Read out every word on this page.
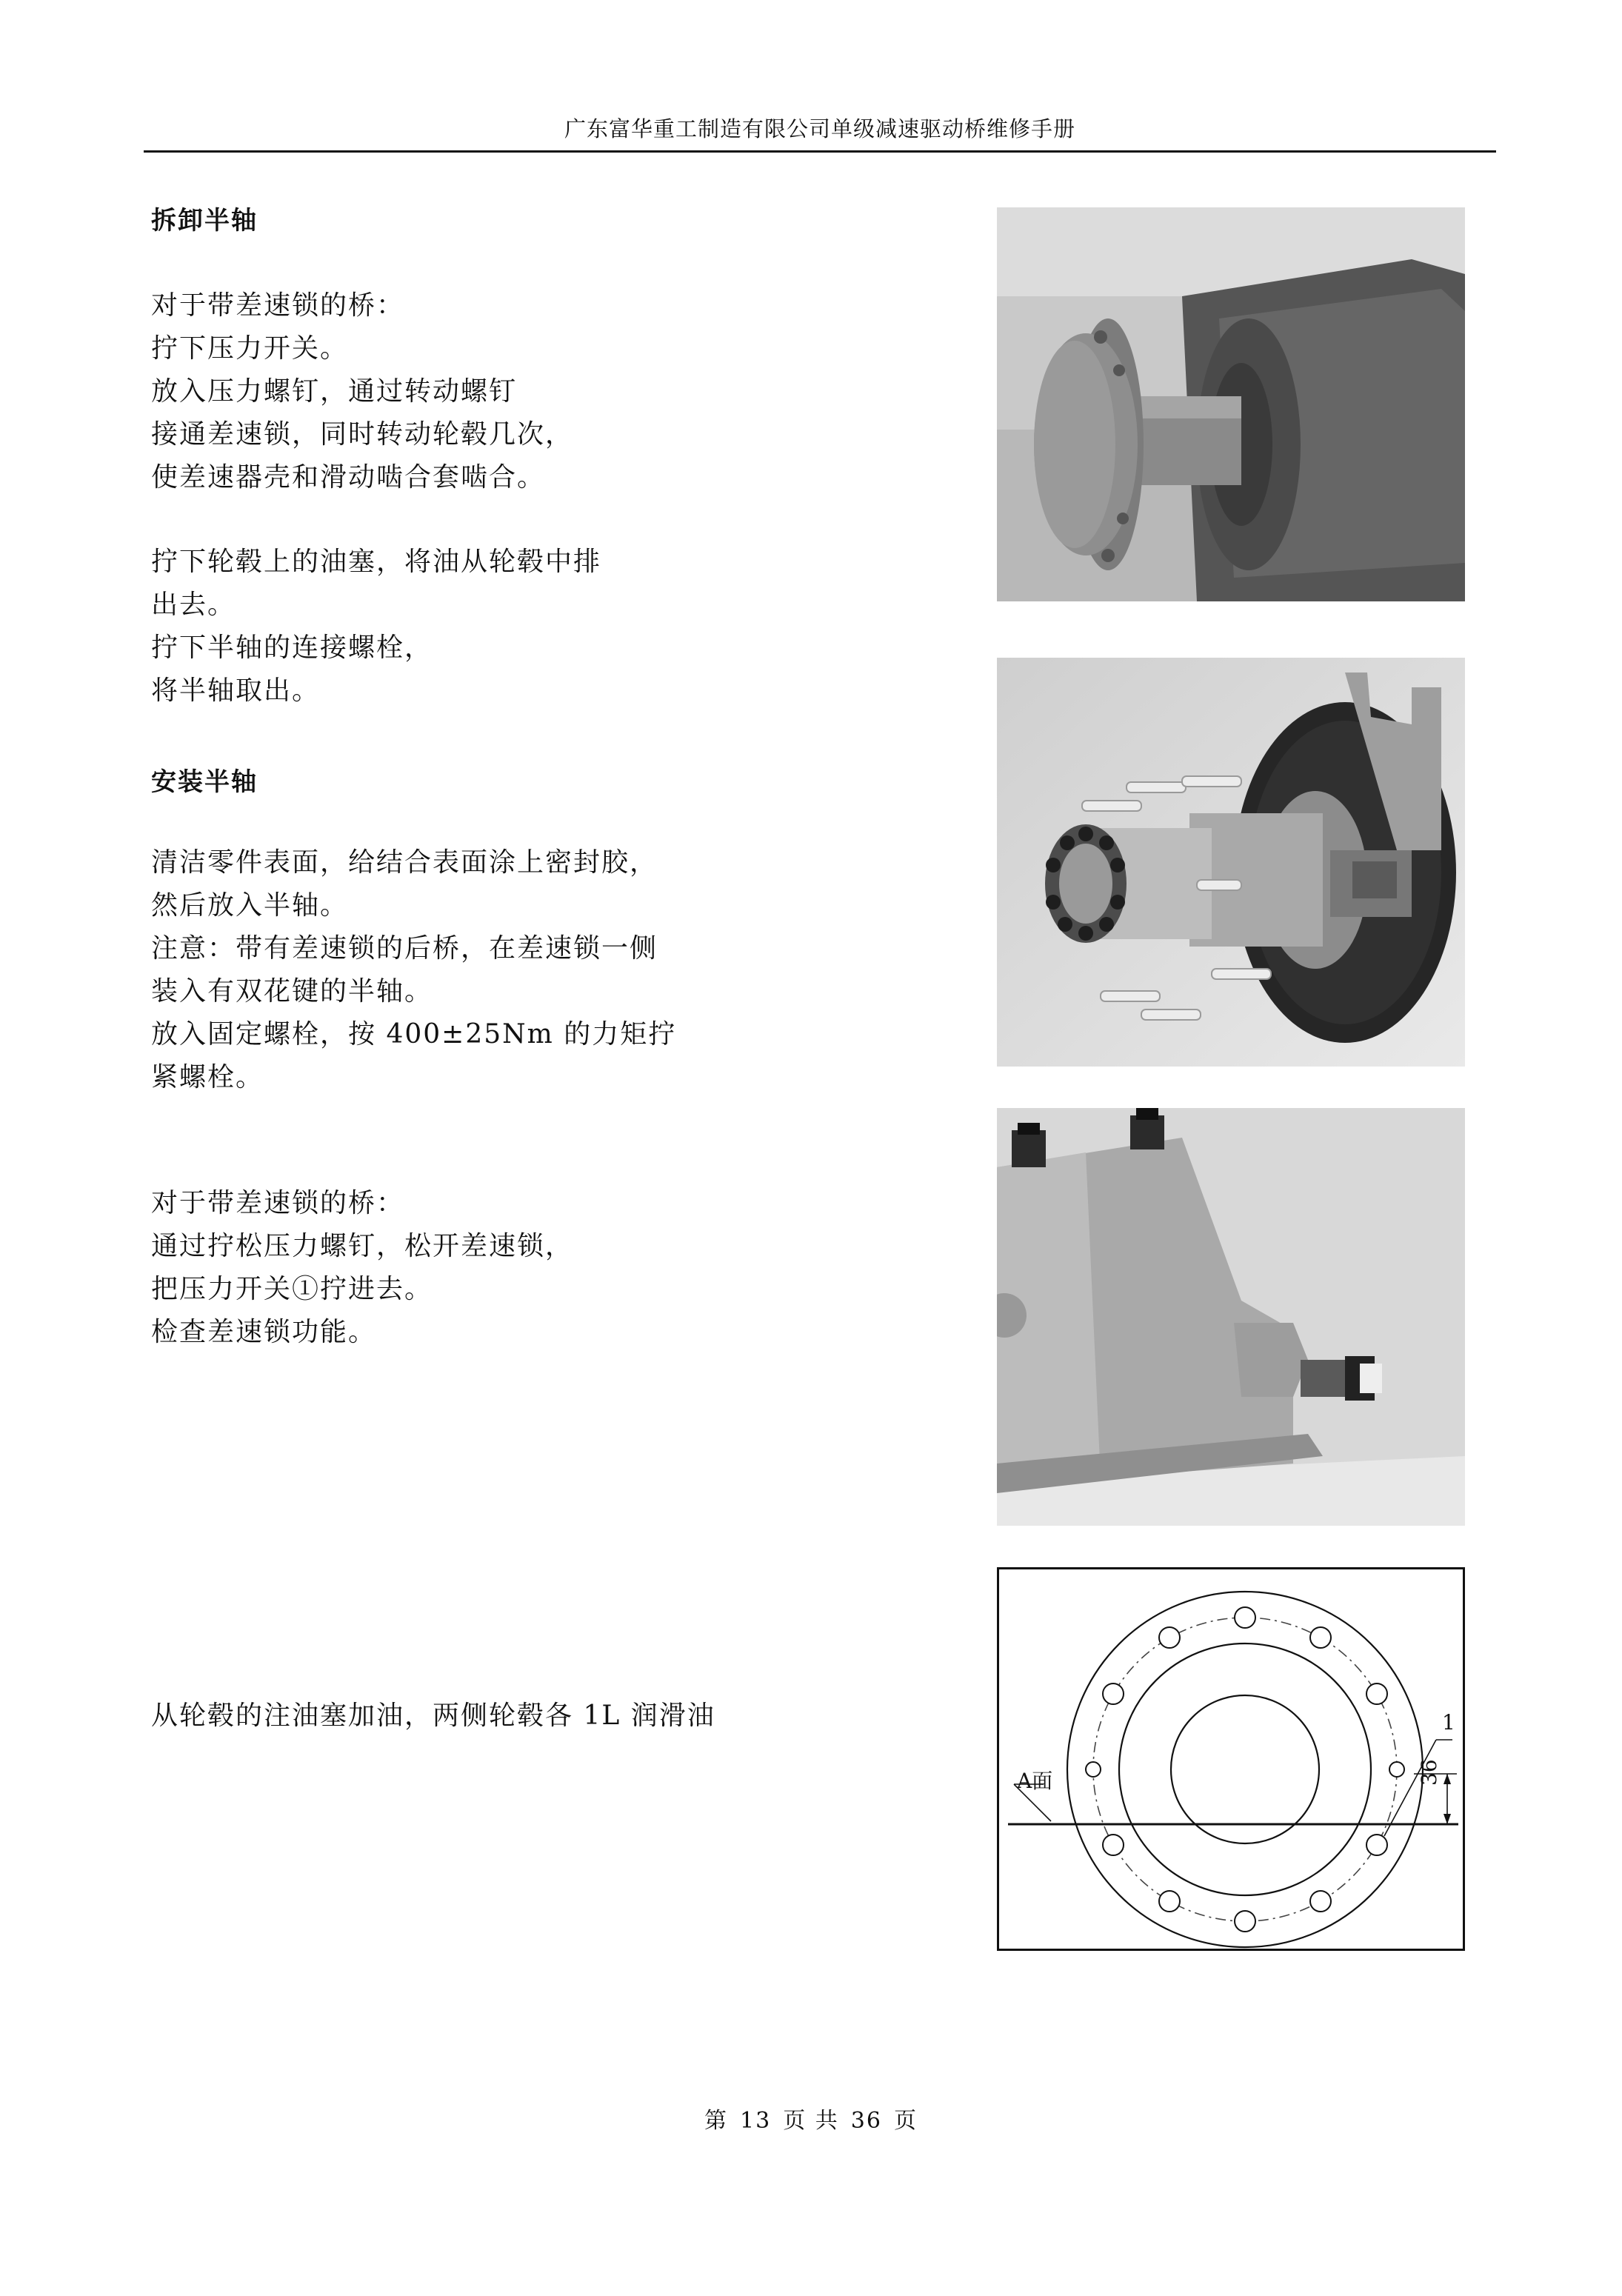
广东富华重工制造有限公司单级减速驱动桥维修手册
拆卸半轴
对于带差速锁的桥：
拧下压力开关。
放入压力螺钉，通过转动螺钉
接通差速锁，同时转动轮毂几次，
使差速器壳和滑动啮合套啮合。
拧下轮毂上的油塞，将油从轮毂中排
出去。
拧下半轴的连接螺栓，
将半轴取出。
安装半轴
清洁零件表面，给结合表面涂上密封胶，
然后放入半轴。
注意：带有差速锁的后桥，在差速锁一侧
装入有双花键的半轴。
放入固定螺栓，按 400±25Nm 的力矩拧
紧螺栓。
对于带差速锁的桥：
通过拧松压力螺钉，松开差速锁，
把压力开关①拧进去。
检查差速锁功能。
从轮毂的注油塞加油，两侧轮毂各 1L 润滑油
A面
1
36
第 13 页 共 36 页
